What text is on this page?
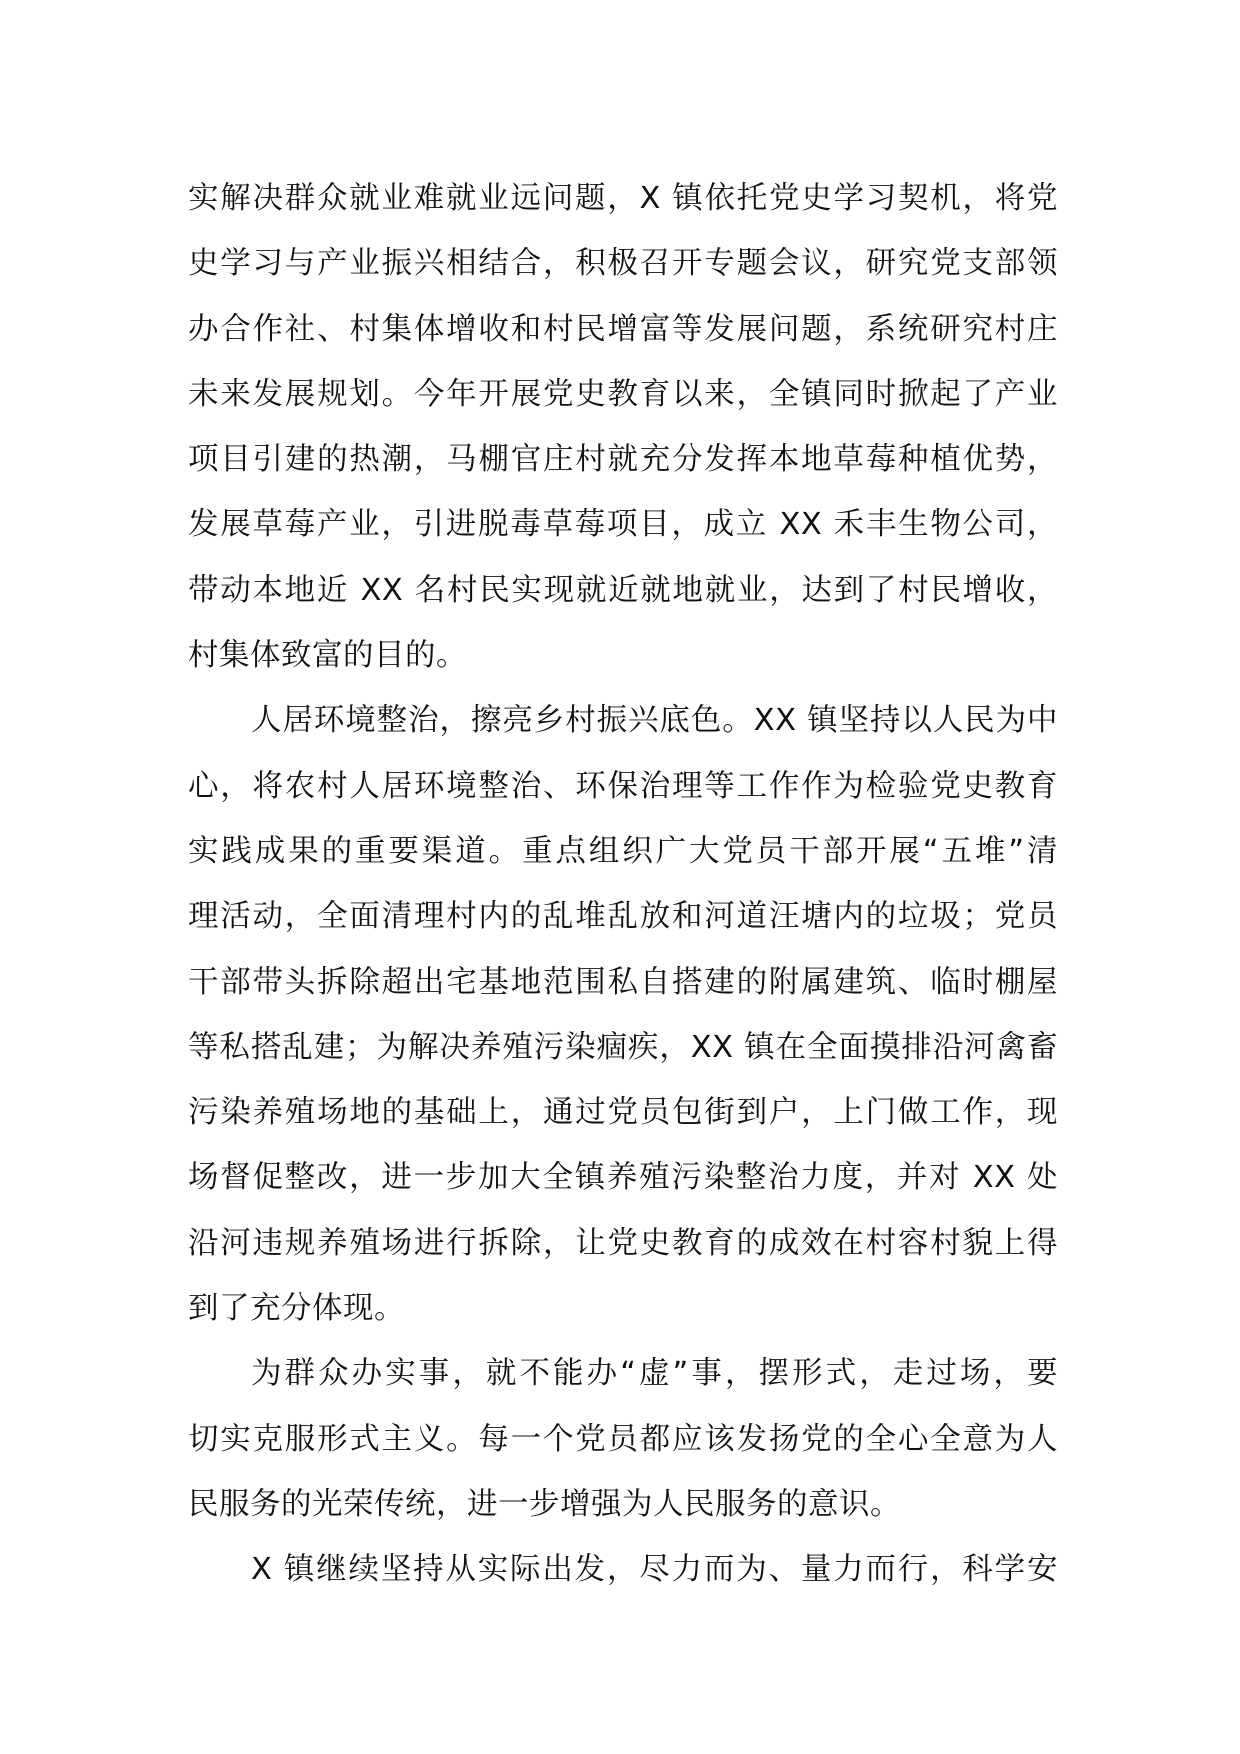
实解决群众就业难就业远问题，X 镇依托党史学习契机，将党
史学习与产业振兴相结合，积极召开专题会议，研究党支部领
办合作社、村集体增收和村民增富等发展问题，系统研究村庄
未来发展规划。今年开展党史教育以来，全镇同时掀起了产业
项目引建的热潮，马棚官庄村就充分发挥本地草莓种植优势，
发展草莓产业，引进脱毒草莓项目，成立 XX 禾丰生物公司，
带动本地近 XX 名村民实现就近就地就业，达到了村民增收，
村集体致富的目的。
人居环境整治，擦亮乡村振兴底色。XX 镇坚持以人民为中
心，将农村人居环境整治、环保治理等工作作为检验党史教育
实践成果的重要渠道。重点组织广大党员干部开展“五堆”清
理活动，全面清理村内的乱堆乱放和河道汪塘内的垃圾；党员
干部带头拆除超出宅基地范围私自搭建的附属建筑、临时棚屋
等私搭乱建；为解决养殖污染痼疾，XX 镇在全面摸排沿河禽畜
污染养殖场地的基础上，通过党员包街到户，上门做工作，现
场督促整改，进一步加大全镇养殖污染整治力度，并对 XX 处
沿河违规养殖场进行拆除，让党史教育的成效在村容村貌上得
到了充分体现。
为群众办实事，就不能办“虚”事，摆形式，走过场，要
切实克服形式主义。每一个党员都应该发扬党的全心全意为人
民服务的光荣传统，进一步增强为人民服务的意识。
X 镇继续坚持从实际出发，尽力而为、量力而行，科学安
